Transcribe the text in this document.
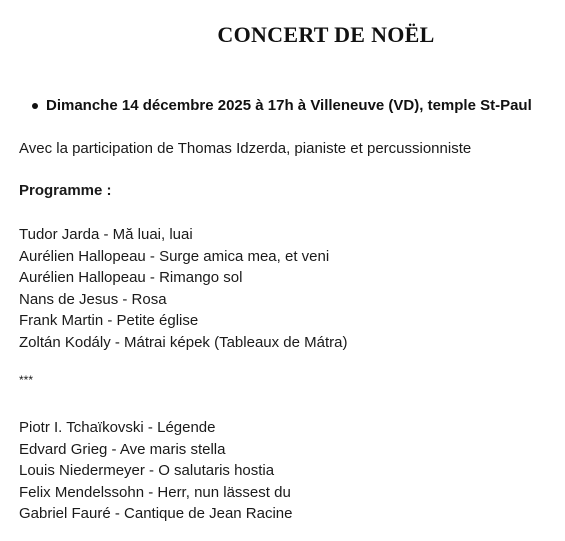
CONCERT DE NOËL
Dimanche 14 décembre 2025 à 17h à Villeneuve (VD), temple St-Paul

Avec la participation de Thomas Idzerda, pianiste et percussionniste

Programme :

Tudor Jarda - Mă luai, luai
Aurélien Hallopeau - Surge amica mea, et veni
Aurélien Hallopeau - Rimango sol
Nans de Jesus - Rosa
Frank Martin - Petite église
Zoltán Kodály - Mátrai képek (Tableaux de Mátra)

***

Piotr I. Tchaïkovski - Légende
Edvard Grieg - Ave maris stella
Louis Niedermeyer - O salutaris hostia
Felix Mendelssohn - Herr, nun lässest du
Gabriel Fauré - Cantique de Jean Racine
